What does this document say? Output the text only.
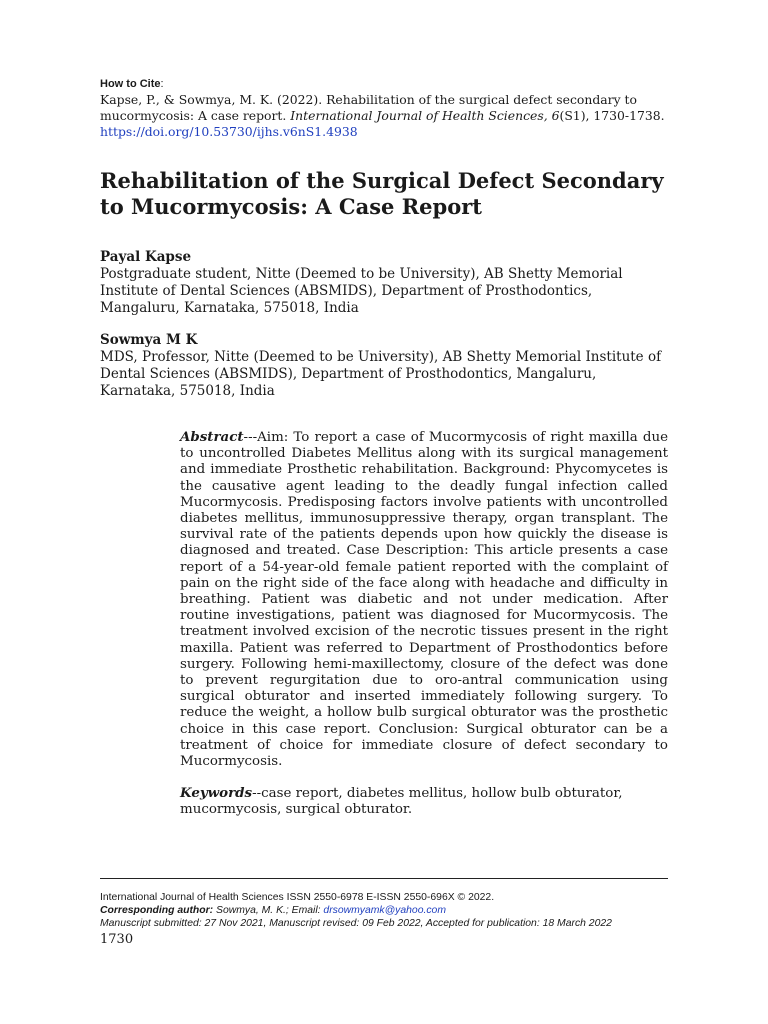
How to Cite:
Kapse, P., & Sowmya, M. K. (2022). Rehabilitation of the surgical defect secondary to mucormycosis: A case report. International Journal of Health Sciences, 6(S1), 1730-1738.
https://doi.org/10.53730/ijhs.v6nS1.4938
Rehabilitation of the Surgical Defect Secondary to Mucormycosis: A Case Report
Payal Kapse
Postgraduate student, Nitte (Deemed to be University), AB Shetty Memorial Institute of Dental Sciences (ABSMIDS), Department of Prosthodontics, Mangaluru, Karnataka, 575018, India
Sowmya M K
MDS, Professor, Nitte (Deemed to be University), AB Shetty Memorial Institute of Dental Sciences (ABSMIDS), Department of Prosthodontics, Mangaluru, Karnataka, 575018, India

Abstract---Aim: To report a case of Mucormycosis of right maxilla due to uncontrolled Diabetes Mellitus along with its surgical management and immediate Prosthetic rehabilitation. Background: Phycomycetes is the causative agent leading to the deadly fungal infection called Mucormycosis. Predisposing factors involve patients with uncontrolled diabetes mellitus, immunosuppressive therapy, organ transplant. The survival rate of the patients depends upon how quickly the disease is diagnosed and treated. Case Description: This article presents a case report of a 54-year-old female patient reported with the complaint of pain on the right side of the face along with headache and difficulty in breathing. Patient was diabetic and not under medication. After routine investigations, patient was diagnosed for Mucormycosis. The treatment involved excision of the necrotic tissues present in the right maxilla. Patient was referred to Department of Prosthodontics before surgery. Following hemi-maxillectomy, closure of the defect was done to prevent regurgitation due to oro-antral communication using surgical obturator and inserted immediately following surgery. To reduce the weight, a hollow bulb surgical obturator was the prosthetic choice in this case report. Conclusion: Surgical obturator can be a treatment of choice for immediate closure of defect secondary to Mucormycosis.

Keywords--case report, diabetes mellitus, hollow bulb obturator, mucormycosis, surgical obturator.

International Journal of Health Sciences ISSN 2550-6978 E-ISSN 2550-696X © 2022.
Corresponding author: Sowmya, M. K.; Email: drsowmyamk@yahoo.com
Manuscript submitted: 27 Nov 2021, Manuscript revised: 09 Feb 2022, Accepted for publication: 18 March 2022
1730
